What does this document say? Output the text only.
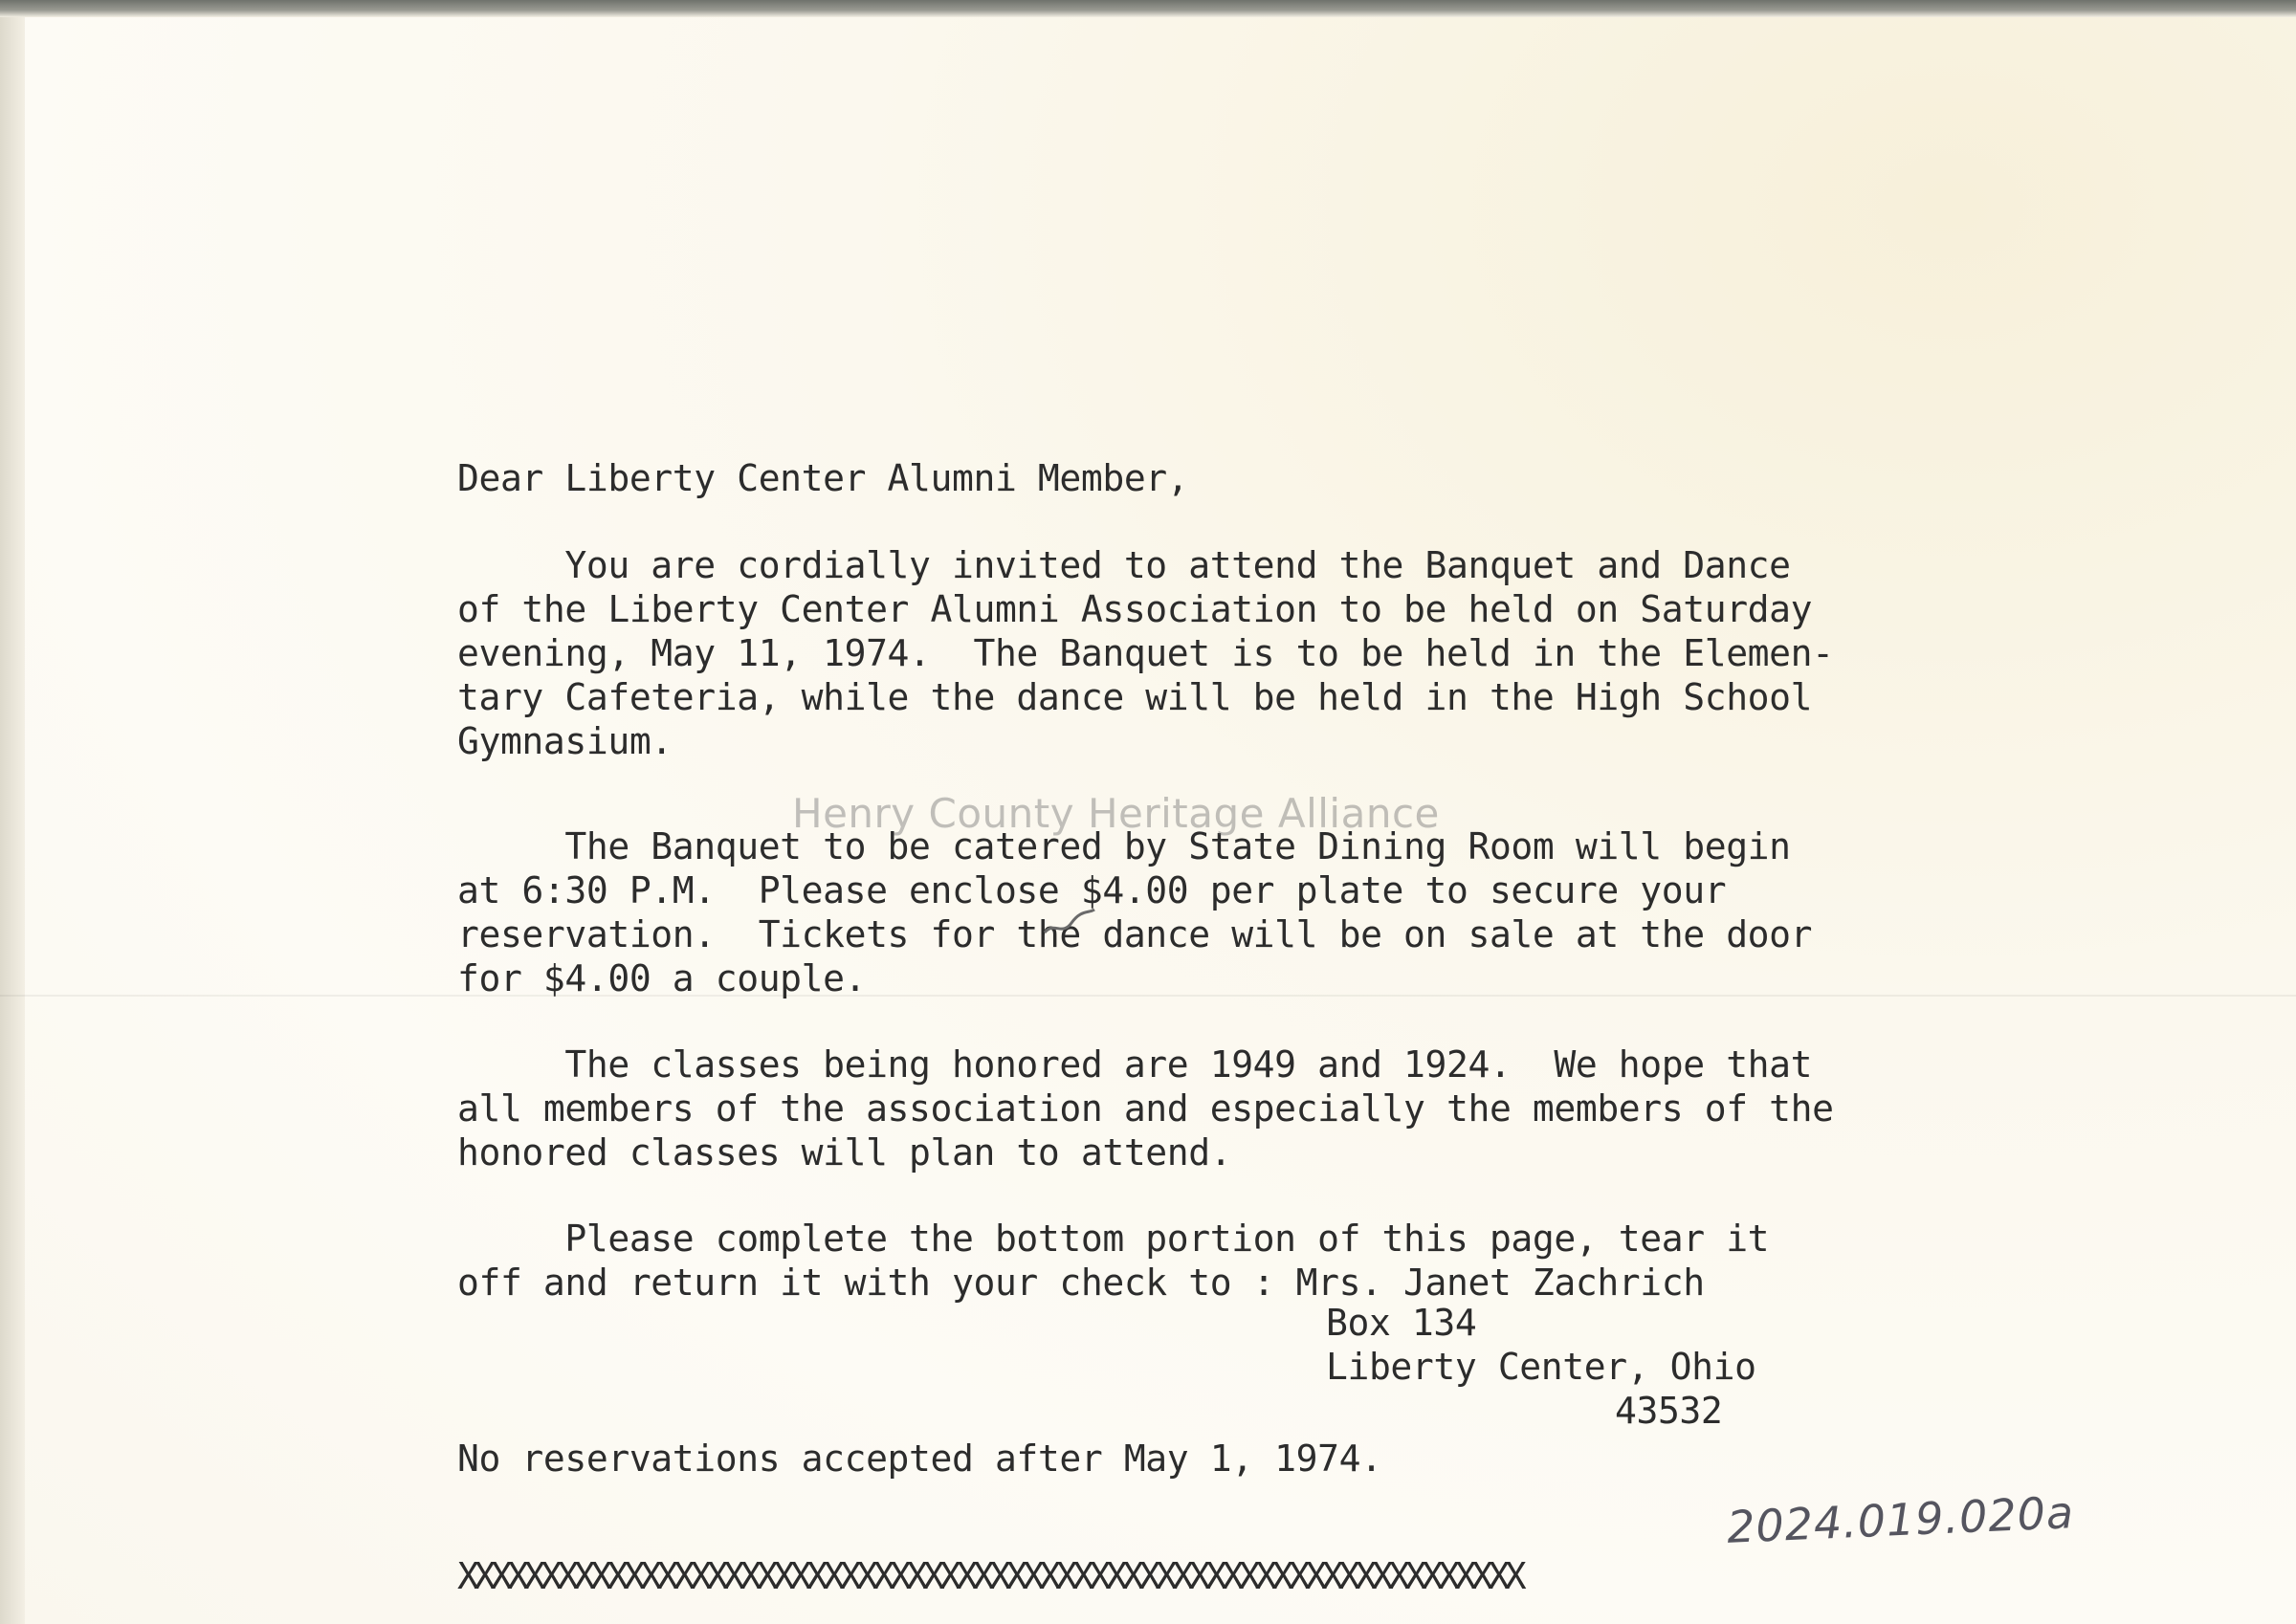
Dear Liberty Center Alumni Member,
You are cordially invited to attend the Banquet and Dance
of the Liberty Center Alumni Association to be held on Saturday
evening, May 11, 1974.  The Banquet is to be held in the Elemen-
tary Cafeteria, while the dance will be held in the High School
Gymnasium.
The Banquet to be catered by State Dining Room will begin
at 6:30 P.M.  Please enclose $4.00 per plate to secure your
reservation.  Tickets for the dance will be on sale at the door
for $4.00 a couple.
The classes being honored are 1949 and 1924.  We hope that
all members of the association and especially the members of the
honored classes will plan to attend.
Please complete the bottom portion of this page, tear it
off and return it with your check to : Mrs. Janet Zachrich
Box 134
Liberty Center, Ohio
43532
No reservations accepted after May 1, 1974.
XXXXXXXXXXXXXXXXXXXXXXXXXXXXXXXXXXXXXXXXXXXXXXXXXXXXXXXXXXXXXXXX
Henry County Heritage Alliance
2024.019.020a
